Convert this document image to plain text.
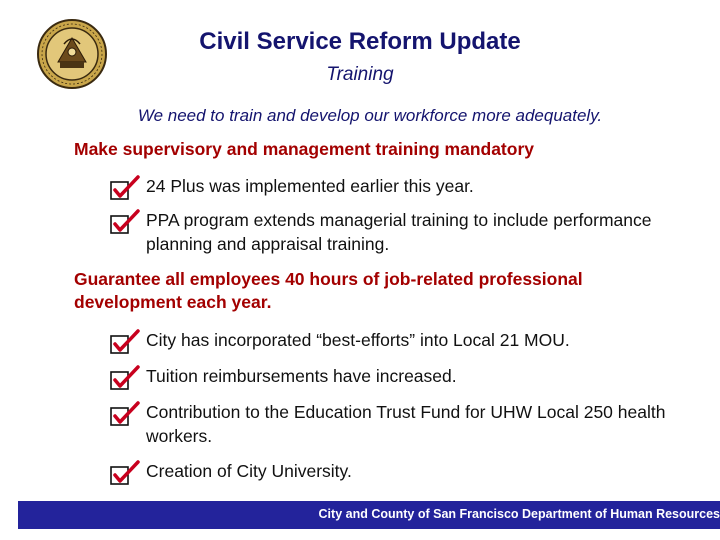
Civil Service Reform Update
Training
We need to train and develop our workforce more adequately.
Make supervisory and management training mandatory
24 Plus was implemented earlier this year.
PPA program extends managerial training to include performance planning and appraisal training.
Guarantee all employees 40 hours of job-related professional development each year.
City has incorporated “best-efforts” into Local 21 MOU.
Tuition reimbursements have increased.
Contribution to the Education Trust Fund for UHW Local 250 health workers.
Creation of City University.
City and County of San Francisco Department of Human Resources
